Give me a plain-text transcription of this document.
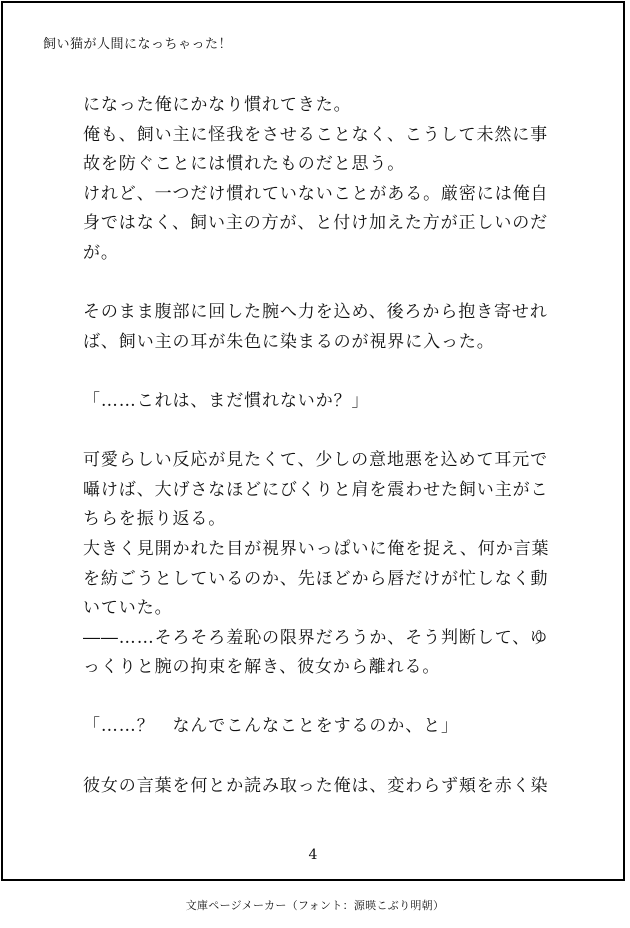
飼い猫が人間になっちゃった！
になった俺にかなり慣れてきた。
俺も、飼い主に怪我をさせることなく、こうして未然に事
故を防ぐことには慣れたものだと思う。
けれど、一つだけ慣れていないことがある。厳密には俺自
身ではなく、飼い主の方が、と付け加えた方が正しいのだ
が。
そのまま腹部に回した腕へ力を込め、後ろから抱き寄せれ
ば、飼い主の耳が朱色に染まるのが視界に入った。
「……これは、まだ慣れないか？」
可愛らしい反応が見たくて、少しの意地悪を込めて耳元で
囁けば、大げさなほどにびくりと肩を震わせた飼い主がこ
ちらを振り返る。
大きく見開かれた目が視界いっぱいに俺を捉え、何か言葉
を紡ごうとしているのか、先ほどから唇だけが忙しなく動
いていた。
――……そろそろ羞恥の限界だろうか、そう判断して、ゆ
っくりと腕の拘束を解き、彼女から離れる。
「……？　なんでこんなことをするのか、と」
彼女の言葉を何とか読み取った俺は、変わらず頬を赤く染
4
文庫ページメーカー（フォント：源暎こぶり明朝）
